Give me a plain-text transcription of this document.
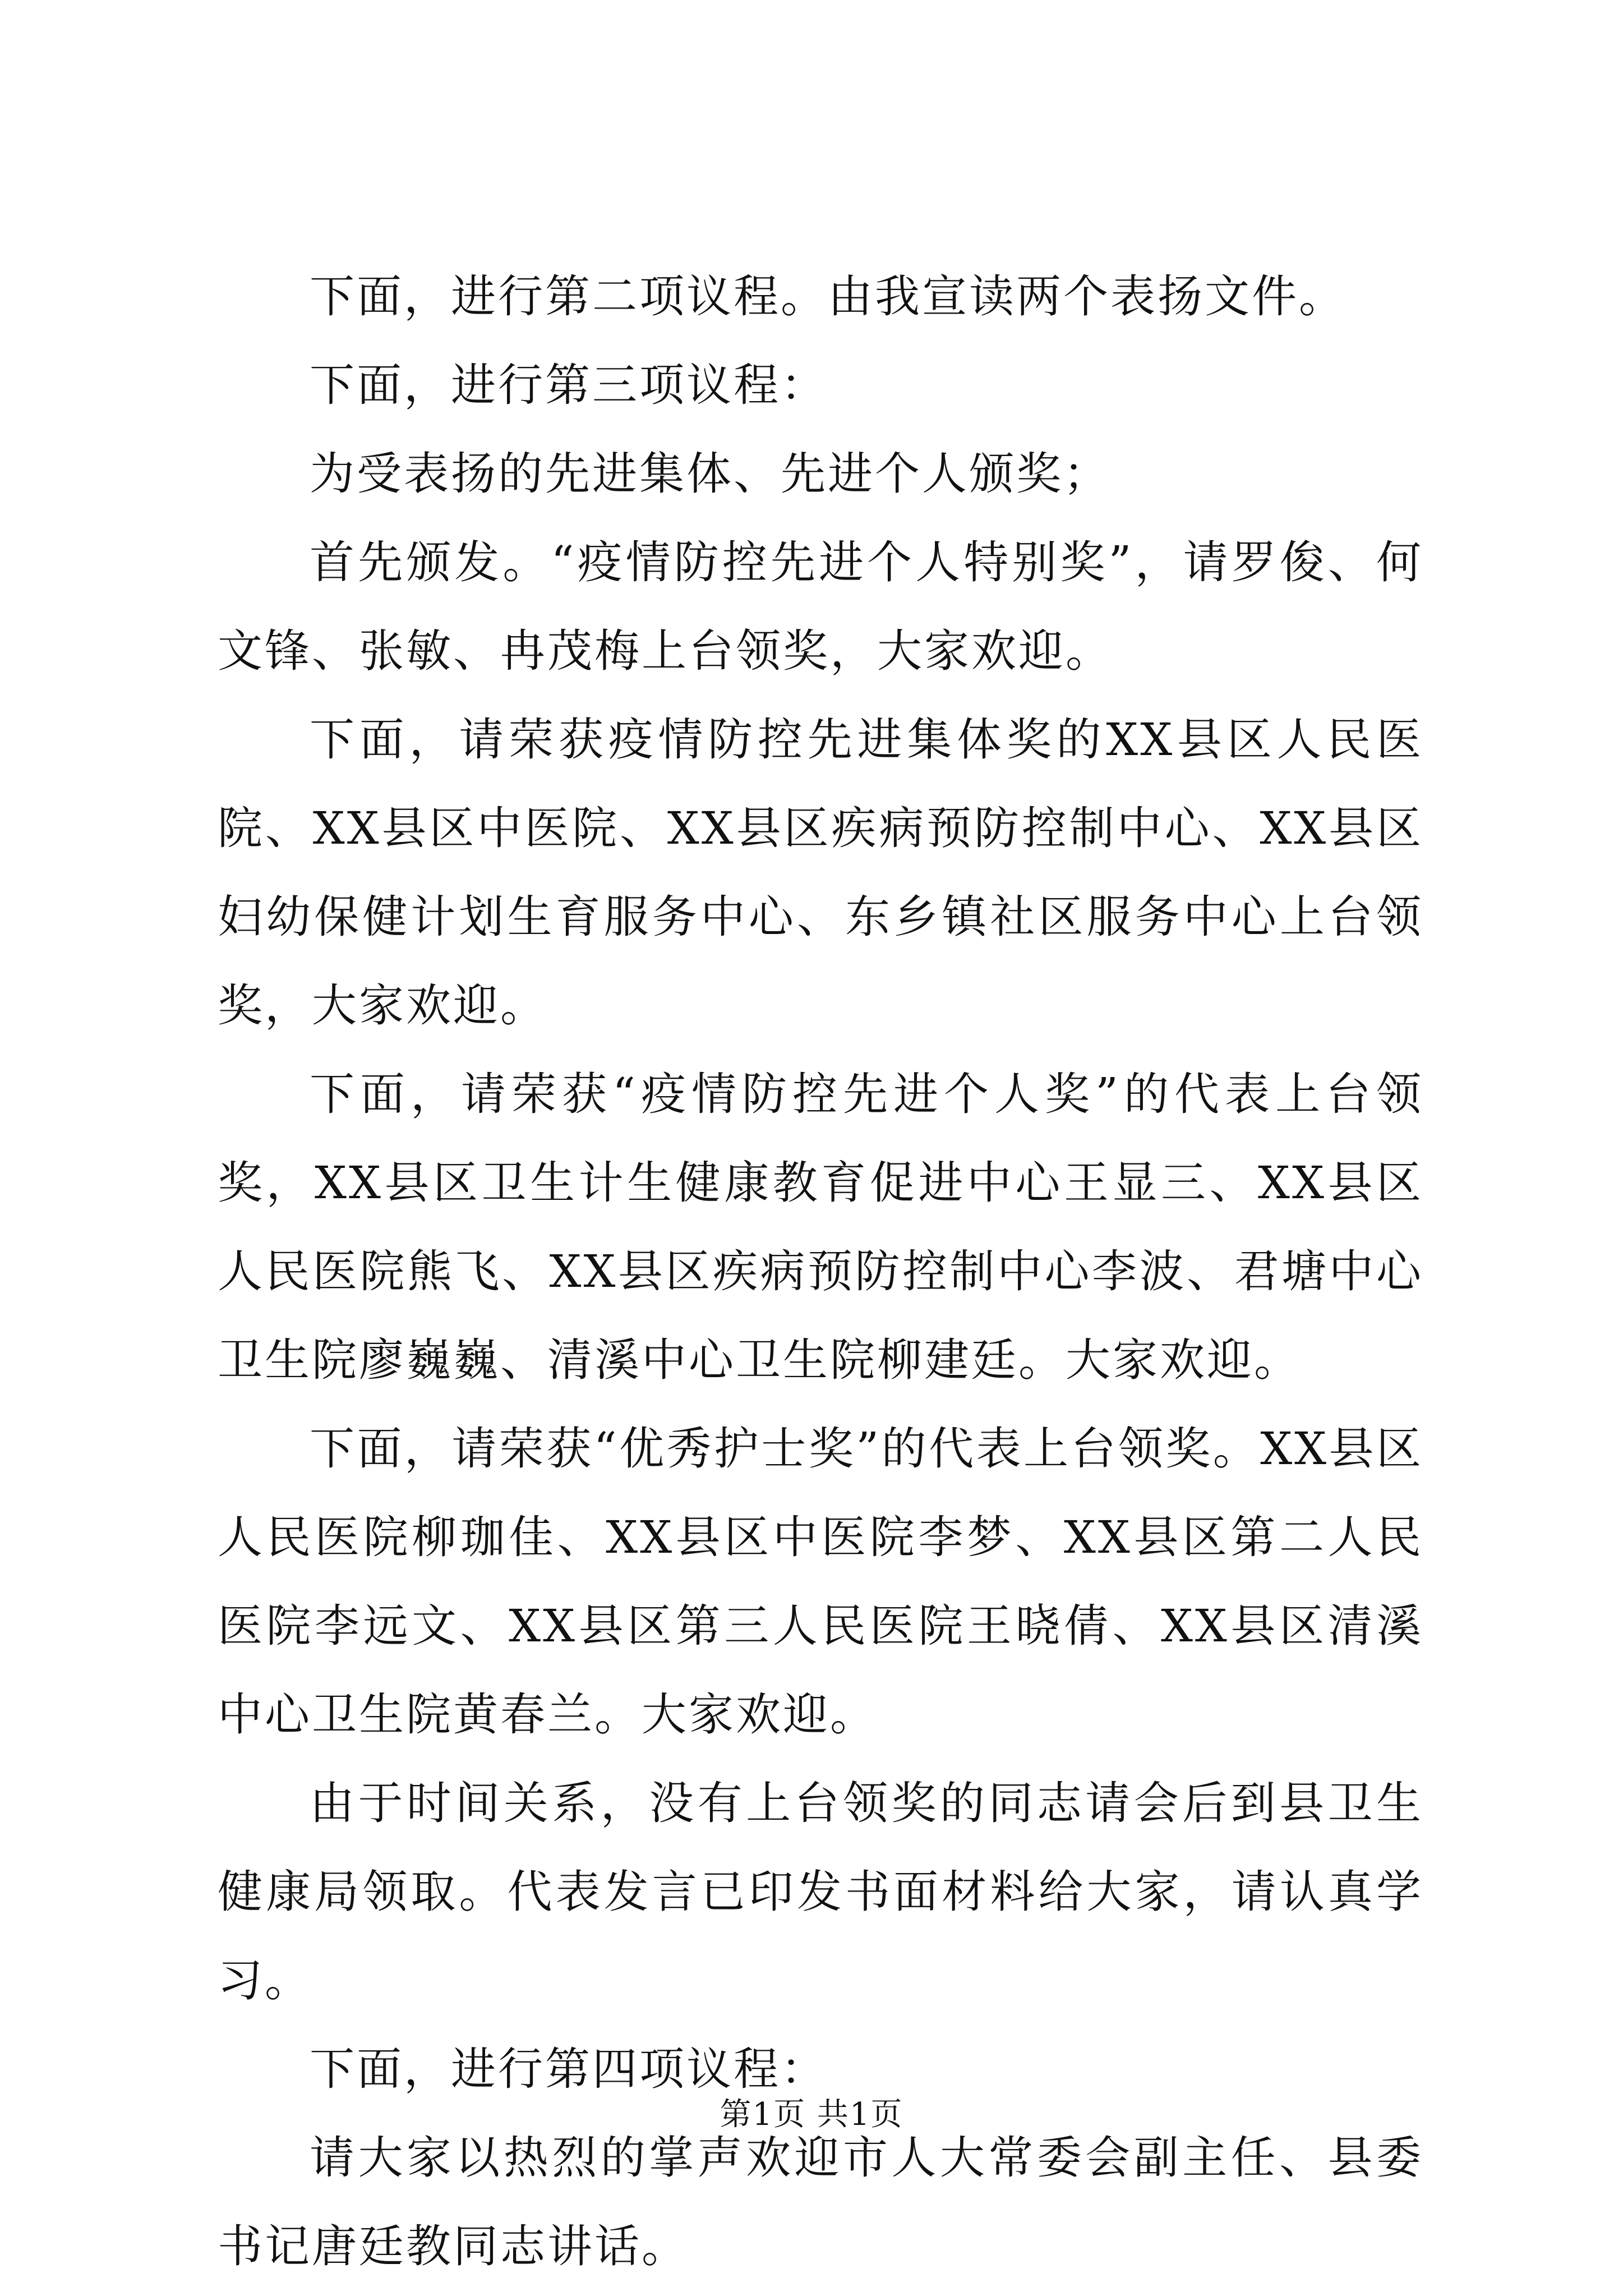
下面，进行第二项议程。由我宣读两个表扬文件。

下面，进行第三项议程：

为受表扬的先进集体、先进个人颁奖；

首先颁发。“疫情防控先进个人特别奖”，请罗俊、何文锋、张敏、冉茂梅上台领奖，大家欢迎。

下面，请荣获疫情防控先进集体奖的XX县区人民医院、XX县区中医院、XX县区疾病预防控制中心、XX县区妇幼保健计划生育服务中心、东乡镇社区服务中心上台领奖，大家欢迎。

下面，请荣获“疫情防控先进个人奖”的代表上台领奖，XX县区卫生计生健康教育促进中心王显三、XX县区人民医院熊飞、XX县区疾病预防控制中心李波、君塘中心卫生院廖巍巍、清溪中心卫生院柳建廷。大家欢迎。

下面，请荣获“优秀护士奖”的代表上台领奖。XX县区人民医院柳珈佳、XX县区中医院李梦、XX县区第二人民医院李远文、XX县区第三人民医院王晓倩、XX县区清溪中心卫生院黄春兰。大家欢迎。

由于时间关系，没有上台领奖的同志请会后到县卫生健康局领取。代表发言已印发书面材料给大家，请认真学习。

下面，进行第四项议程：

请大家以热烈的掌声欢迎市人大常委会副主任、县委书记唐廷教同志讲话。

第1页 共1页
